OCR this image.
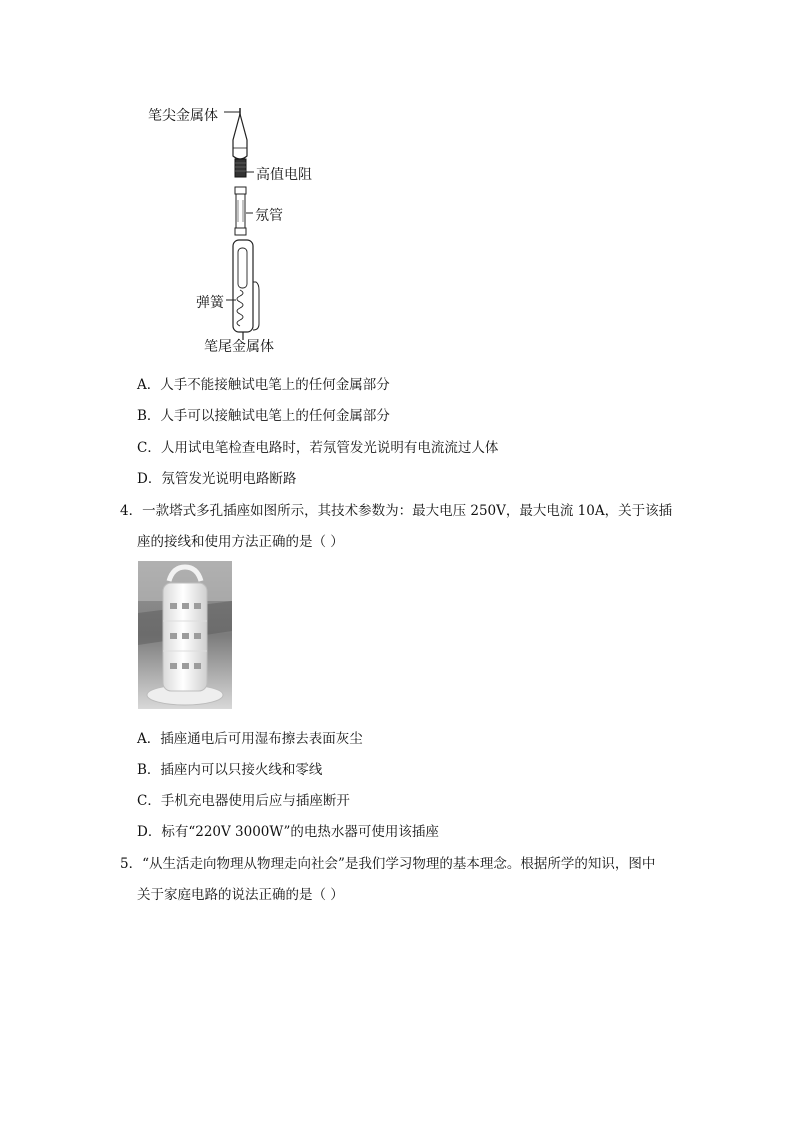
笔尖金属体
高值电阻
氖管
弹簧
笔尾金属体
A．人手不能接触试电笔上的任何金属部分
B．人手可以接触试电笔上的任何金属部分
C．人用试电笔检查电路时，若氖管发光说明有电流流过人体
D．氖管发光说明电路断路
4．一款塔式多孔插座如图所示，其技术参数为：最大电压 250V，最大电流 10A，关于该插
座的接线和使用方法正确的是（ ）
A．插座通电后可用湿布擦去表面灰尘
B．插座内可以只接火线和零线
C．手机充电器使用后应与插座断开
D．标有“220V 3000W”的电热水器可使用该插座
5．“从生活走向物理从物理走向社会”是我们学习物理的基本理念。根据所学的知识，图中
关于家庭电路的说法正确的是（ ）
